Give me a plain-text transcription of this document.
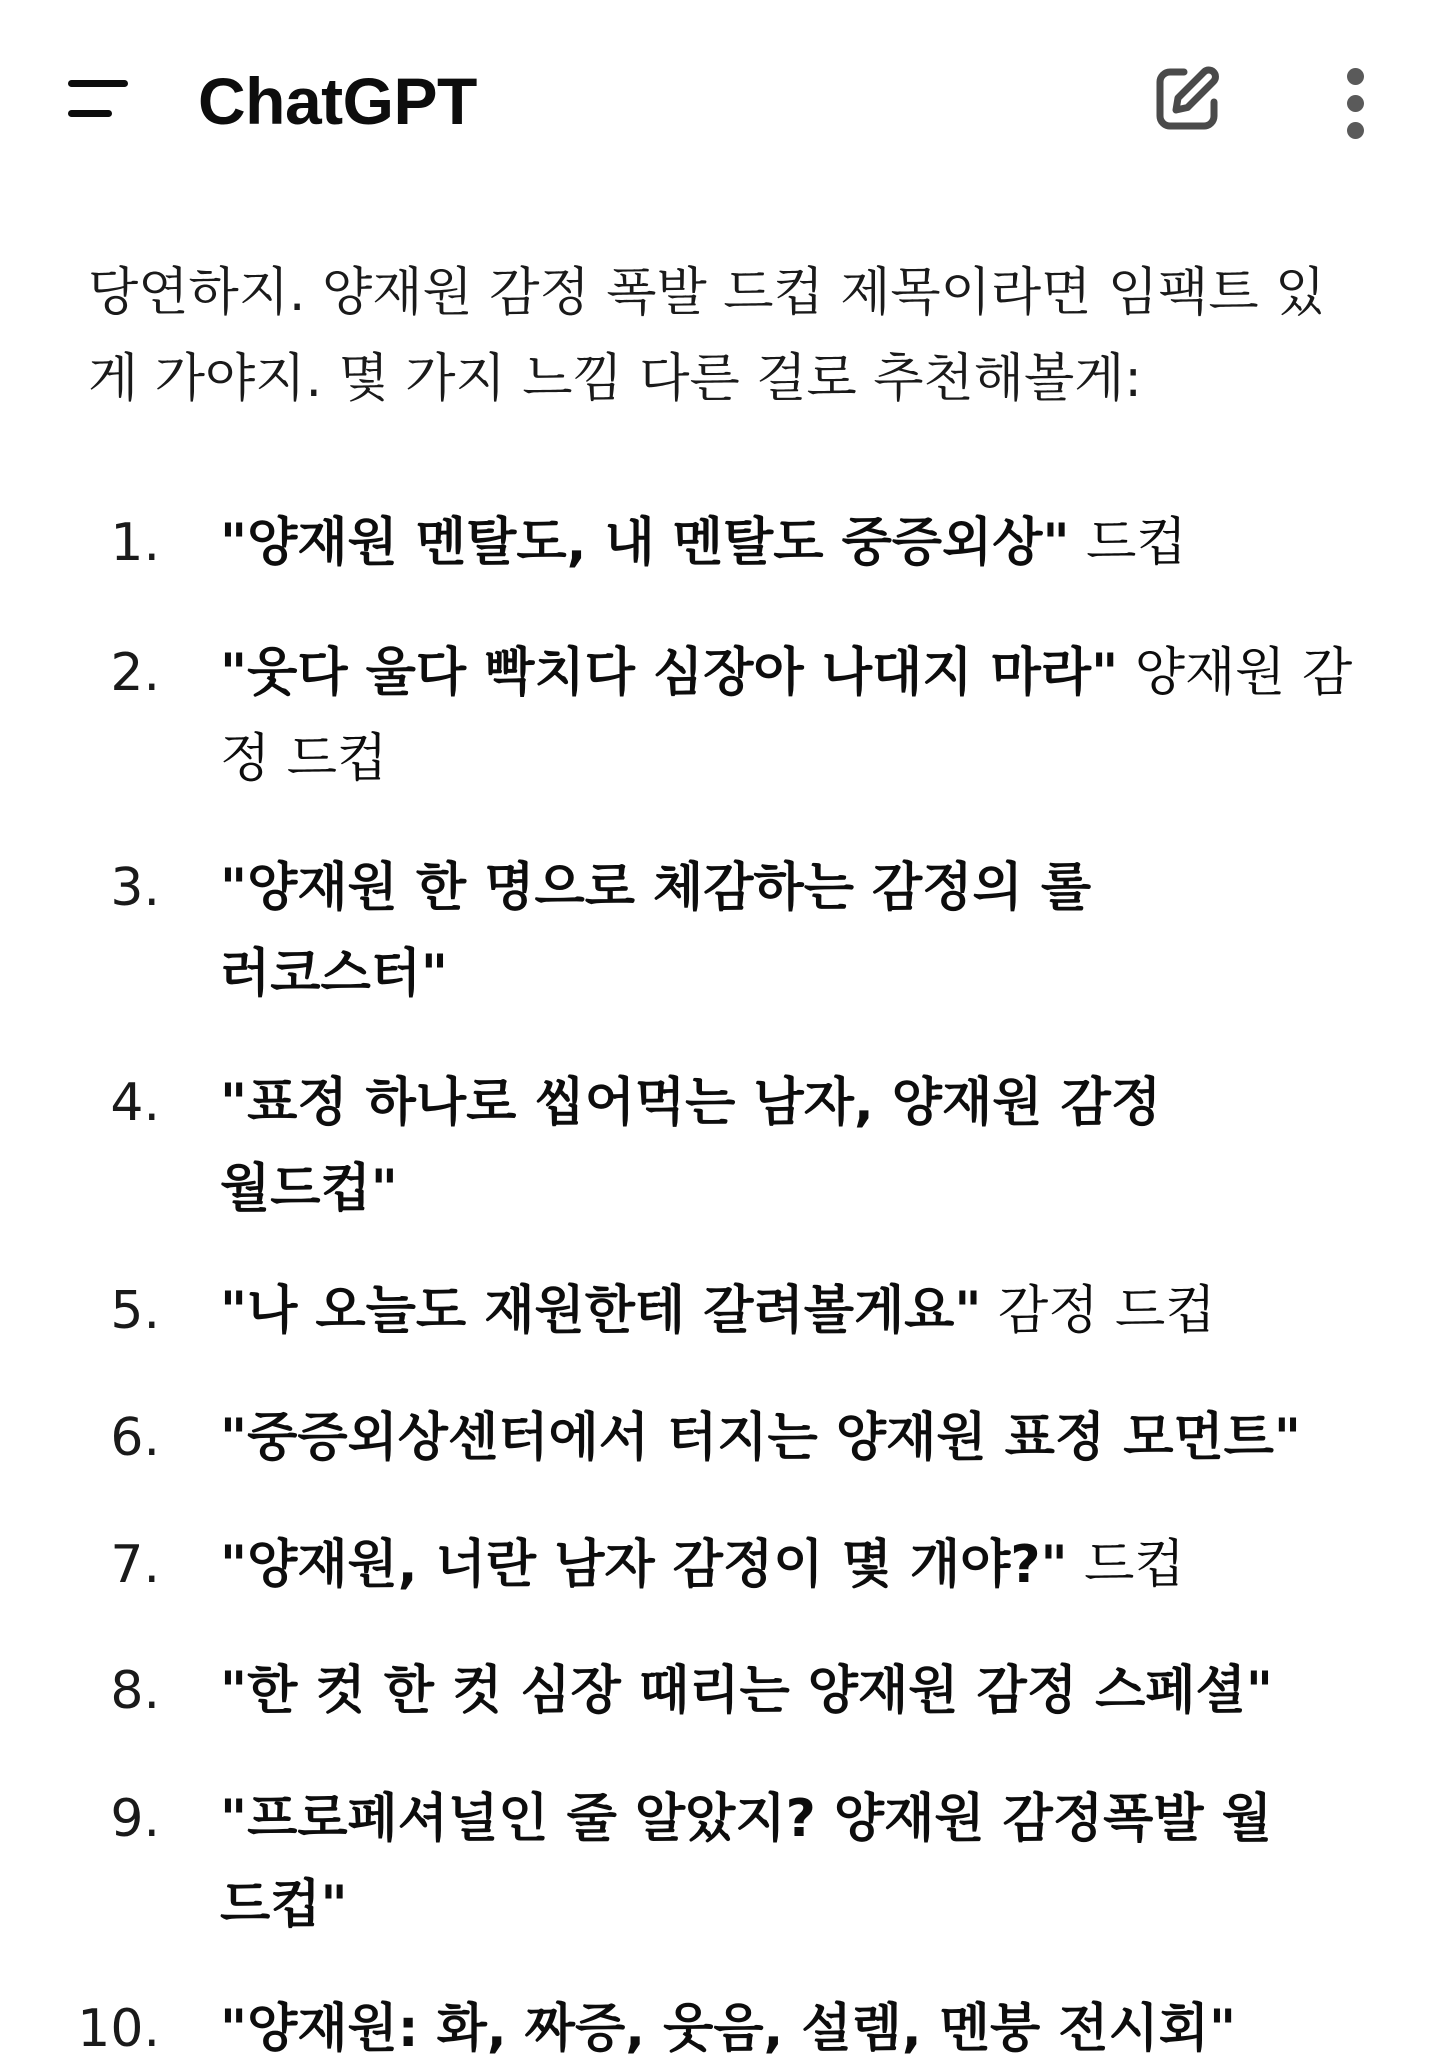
ChatGPT
당연하지. 양재원 감정 폭발 드컵 제목이라면 임팩트 있게 가야지. 몇 가지 느낌 다른 걸로 추천해볼게:
1. "양재원 멘탈도, 내 멘탈도 중증외상" 드컵
2. "웃다 울다 빡치다 심장아 나대지 마라" 양재원 감정 드컵
3. "양재원 한 명으로 체감하는 감정의 롤러코스터"
4. "표정 하나로 씹어먹는 남자, 양재원 감정 월드컵"
5. "나 오늘도 재원한테 갈려볼게요" 감정 드컵
6. "중증외상센터에서 터지는 양재원 표정 모먼트"
7. "양재원, 너란 남자 감정이 몇 개야?" 드컵
8. "한 컷 한 컷 심장 때리는 양재원 감정 스페셜"
9. "프로페셔널인 줄 알았지? 양재원 감정폭발 월드컵"
10. "양재원: 화, 짜증, 웃음, 설렘, 멘붕 전시회"
